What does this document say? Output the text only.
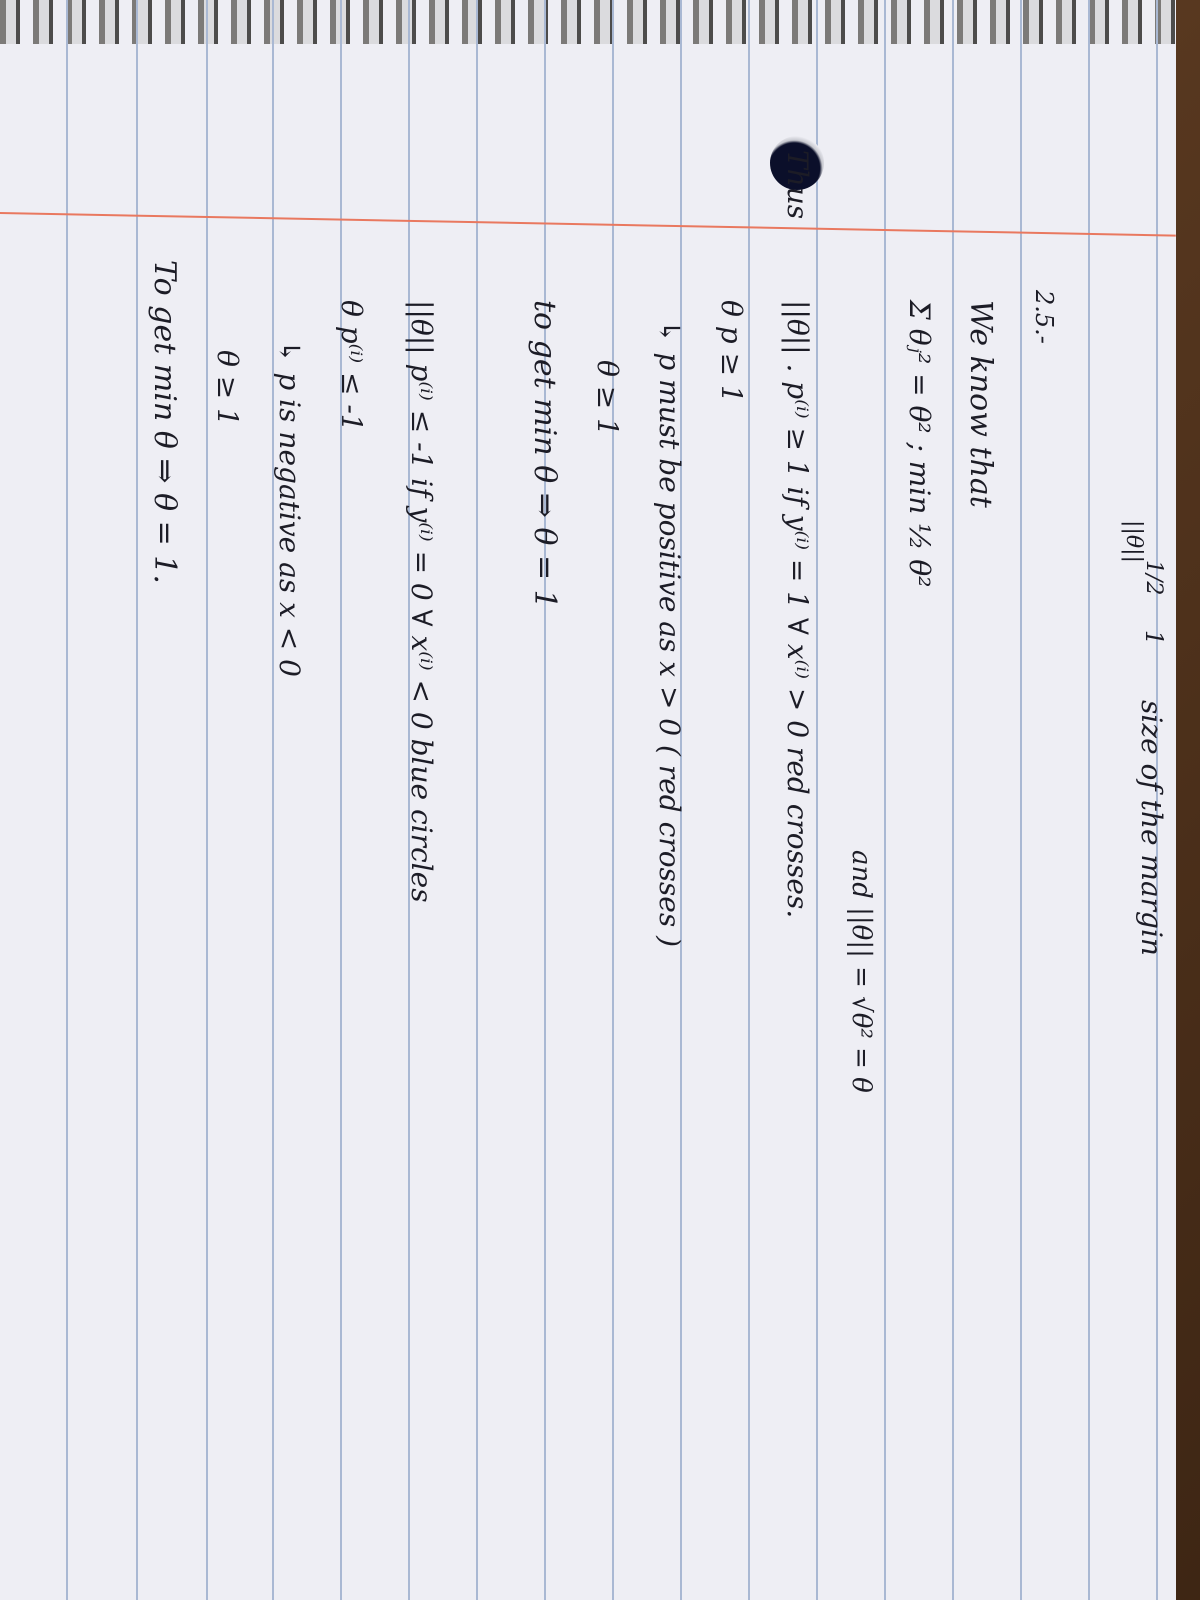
size of the margin
1
1/2
||θ||
2.5.-
We know that
Σ θⱼ² = θ² ; min ½ θ²
and ||θ|| = √θ² = θ
Thus
||θ|| . p⁽ⁱ⁾ ≥ 1 if y⁽ⁱ⁾ = 1 ∀ x⁽ⁱ⁾ > 0 red crosses.
θ p ≥ 1
↳ p must be positive as x > 0 ( red crosses )
θ ≥ 1
to get min θ ⇒ θ = 1
||θ|| p⁽ⁱ⁾ ≤ -1 if y⁽ⁱ⁾ = 0 ∀ x⁽ⁱ⁾ < 0 blue circles
θ p⁽ⁱ⁾ ≤ -1
↳ p is negative as x < 0
θ ≥ 1
To get min θ ⇒ θ = 1.
